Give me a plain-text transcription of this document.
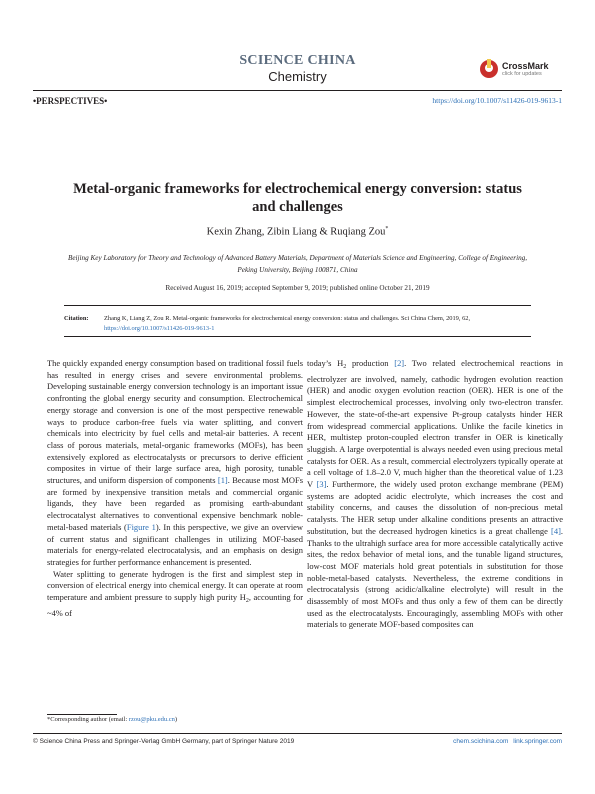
SCIENCE CHINA
Chemistry
CrossMark
click for updates
•PERSPECTIVES•	https://doi.org/10.1007/s11426-019-9613-1
Metal-organic frameworks for electrochemical energy conversion: status and challenges
Kexin Zhang, Zibin Liang & Ruqiang Zou*
Beijing Key Laboratory for Theory and Technology of Advanced Battery Materials, Department of Materials Science and Engineering, College of Engineering, Peking University, Beijing 100871, China
Received August 16, 2019; accepted September 9, 2019; published online October 21, 2019
Citation: Zhang K, Liang Z, Zou R. Metal-organic frameworks for electrochemical energy conversion: status and challenges. Sci China Chem, 2019, 62, https://doi.org/10.1007/s11426-019-9613-1

The quickly expanded energy consumption based on traditional fossil fuels has resulted in energy crises and severe environmental problems. Developing sustainable energy conversion technology is an important issue confronting the global energy security and consumption. Electrochemical energy storage and conversion is one of the most perspective renewable ways to produce carbon-free fuels via water splitting, and convert chemicals into electricity by fuel cells and metal-air batteries. A recent class of porous materials, metal-organic frameworks (MOFs), has been extensively explored as electrocatalysts or precursors to derive efficient composites in virtue of their large surface area, high porosity, tunable structures, and uniform dispersion of components [1]. Because most MOFs are formed by inexpensive transition metals and commercial organic ligands, they have been regarded as promising earth-abundant electrocatalyst alternatives to conventional expensive benchmark noble-metal-based materials (Figure 1). In this perspective, we give an overview of current status and significant challenges in utilizing MOF-based materials for energy-related electrocatalysis, and an emphasis on design strategies for further performance enhancement is presented.

Water splitting to generate hydrogen is the first and simplest step in conversion of electrical energy into chemical energy. It can operate at room temperature and ambient pressure to supply high purity $H_2$, accounting for ~4% of

today’s $H_2$ production [2]. Two related electrochemical reactions in electrolyzer are involved, namely, cathodic hydrogen evolution reaction (HER) and anodic oxygen evolution reaction (OER). HER is one of the simplest electrochemical processes, involving only two-electron transfer. However, the state-of-the-art expensive Pt-group catalysts hinder HER from widespread commercial applications. Unlike the facile kinetics in HER, multistep proton-coupled electron transfer in OER is kinetically sluggish. A large overpotential is always needed even using precious metal catalysts for OER. As a result, commercial electrolyzers typically operate at a cell voltage of 1.8–2.0 V, much higher than the theoretical value of 1.23 V [3]. Furthermore, the widely used proton exchange membrane (PEM) systems are adopted acidic electrolyte, which increases the cost and stability concerns, and causes the dissolution of non-precious metal catalysts. The HER setup under alkaline conditions presents an attractive substitution, but the decreased hydrogen kinetics is a great challenge [4]. Thanks to the ultrahigh surface area for more accessible catalytically active sites, the redox behavior of metal ions, and the tunable ligand structures, low-cost MOF materials hold great potentials in substitution for those noble-metal-based catalysts. Nevertheless, the extreme conditions in electrocatalysis (strong acidic/alkaline electrolyte) will result in the disassembly of most MOFs and thus only a few of them can be directly used as the electrocatalysts. Encouragingly, assembling MOFs with other materials to generate MOF-based composites can

*Corresponding author (email: rzou@pku.edu.cn)
© Science China Press and Springer-Verlag GmbH Germany, part of Springer Nature 2019	chem.scichina.com link.springer.com
